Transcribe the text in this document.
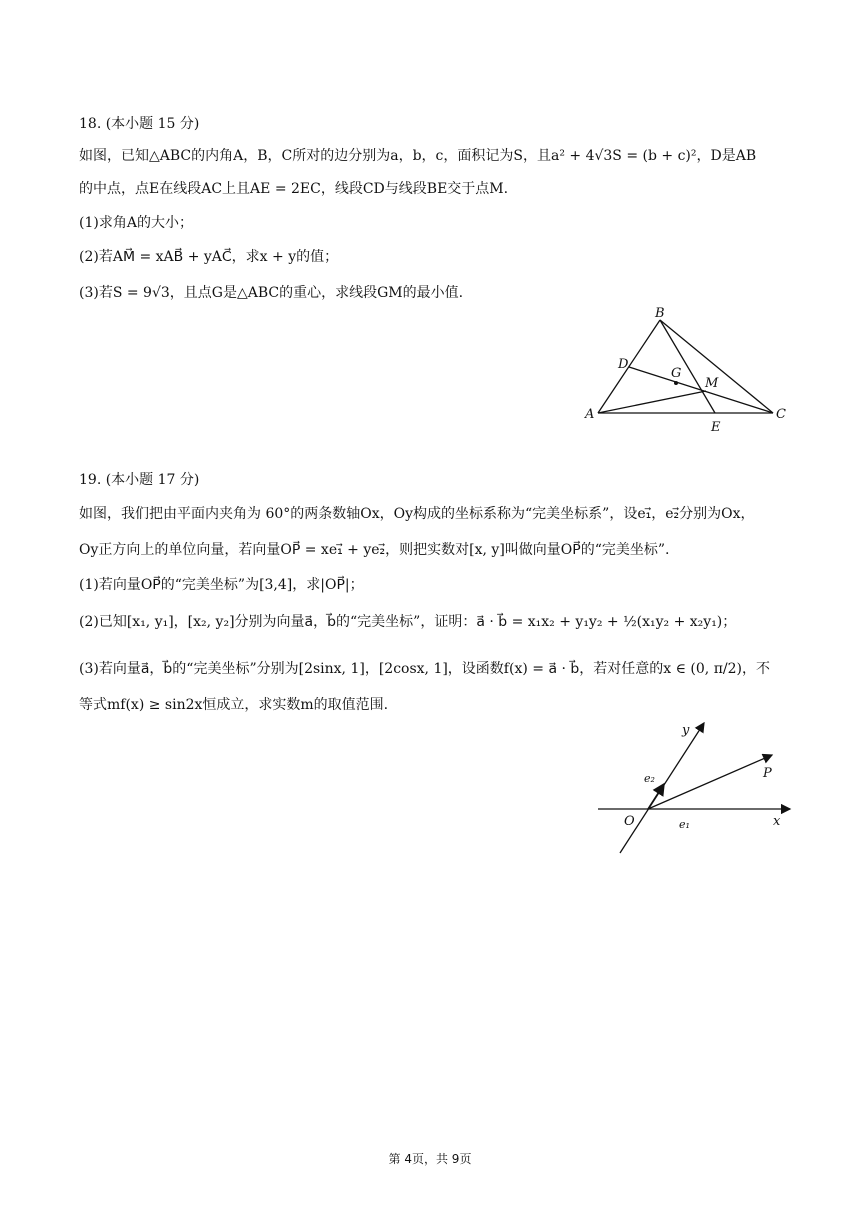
18. (本小题 15 分)
如图，已知△ABC的内角A，B，C所对的边分别为a，b，c，面积记为S，且a² + 4√3S = (b + c)²，D是AB
的中点，点E在线段AC上且AE = 2EC，线段CD与线段BE交于点M.
(1)求角A的大小；
(2)若AM⃗ = xAB⃗ + yAC⃗，求x + y的值；
(3)若S = 9√3，且点G是△ABC的重心，求线段GM的最小值.
B
D
G
M
A	C
E
19. (本小题 17 分)
如图，我们把由平面内夹角为 60°的两条数轴Ox，Oy构成的坐标系称为“完美坐标系”，设e₁⃗，e₂⃗分别为Ox，
Oy正方向上的单位向量，若向量OP⃗ = xe₁⃗ + ye₂⃗，则把实数对[x, y]叫做向量OP⃗的“完美坐标”.
(1)若向量OP⃗的“完美坐标”为[3,4]，求|OP⃗|；
(2)已知[x₁, y₁]，[x₂, y₂]分别为向量a⃗，b⃗的“完美坐标”，证明：a⃗ · b⃗ = x₁x₂ + y₁y₂ + ½(x₁y₂ + x₂y₁)；
(3)若向量a⃗，b⃗的“完美坐标”分别为[2sinx, 1]，[2cosx, 1]，设函数f(x) = a⃗ · b⃗，若对任意的x ∈ (0, π/2)，不
等式mf(x) ≥ sin2x恒成立，求实数m的取值范围.
y
e₂	P
O	e₁	x
第 4页，共 9页
